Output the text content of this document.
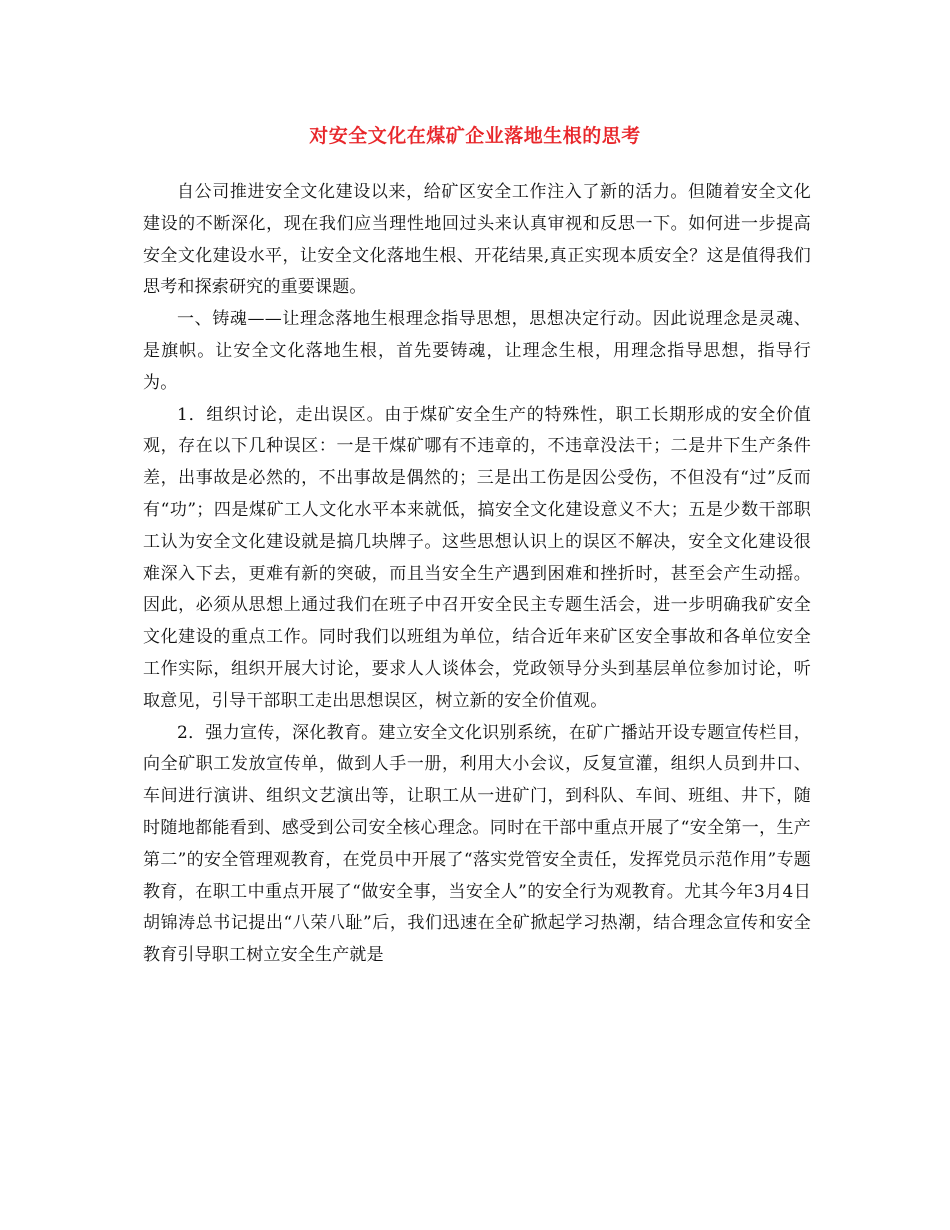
对安全文化在煤矿企业落地生根的思考

自公司推进安全文化建设以来，给矿区安全工作注入了新的活力。但随着安全文化建设的不断深化，现在我们应当理性地回过头来认真审视和反思一下。如何进一步提高安全文化建设水平，让安全文化落地生根、开花结果,真正实现本质安全？这是值得我们思考和探索研究的重要课题。

一、铸魂——让理念落地生根理念指导思想，思想决定行动。因此说理念是灵魂、是旗帜。让安全文化落地生根，首先要铸魂，让理念生根，用理念指导思想，指导行为。

1．组织讨论，走出误区。由于煤矿安全生产的特殊性，职工长期形成的安全价值观，存在以下几种误区：一是干煤矿哪有不违章的，不违章没法干；二是井下生产条件差，出事故是必然的，不出事故是偶然的；三是出工伤是因公受伤，不但没有“过”反而有“功”；四是煤矿工人文化水平本来就低，搞安全文化建设意义不大；五是少数干部职工认为安全文化建设就是搞几块牌子。这些思想认识上的误区不解决，安全文化建设很难深入下去，更难有新的突破，而且当安全生产遇到困难和挫折时，甚至会产生动摇。因此，必须从思想上通过我们在班子中召开安全民主专题生活会，进一步明确我矿安全文化建设的重点工作。同时我们以班组为单位，结合近年来矿区安全事故和各单位安全工作实际，组织开展大讨论，要求人人谈体会，党政领导分头到基层单位参加讨论，听取意见，引导干部职工走出思想误区，树立新的安全价值观。

2．强力宣传，深化教育。建立安全文化识别系统，在矿广播站开设专题宣传栏目，向全矿职工发放宣传单，做到人手一册，利用大小会议，反复宣灌，组织人员到井口、车间进行演讲、组织文艺演出等，让职工从一进矿门，到科队、车间、班组、井下，随时随地都能看到、感受到公司安全核心理念。同时在干部中重点开展了“安全第一，生产第二”的安全管理观教育，在党员中开展了“落实党管安全责任，发挥党员示范作用”专题教育，在职工中重点开展了“做安全事，当安全人”的安全行为观教育。尤其今年3月4日胡锦涛总书记提出“八荣八耻”后，我们迅速在全矿掀起学习热潮，结合理念宣传和安全教育引导职工树立安全生产就是
